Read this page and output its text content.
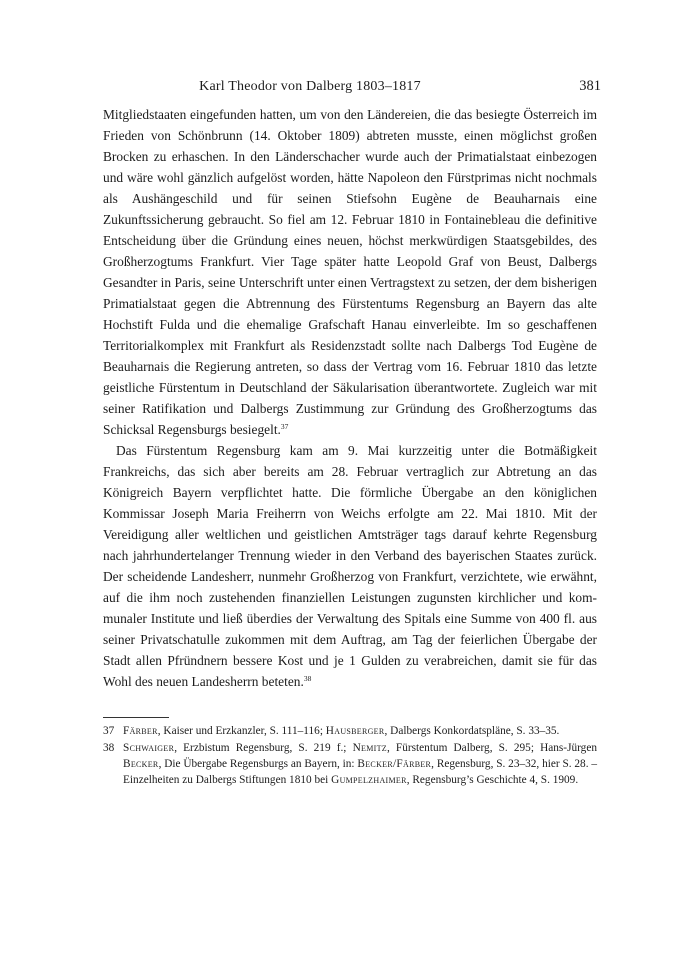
Karl Theodor von Dalberg 1803–1817	381

Mitgliedstaaten eingefunden hatten, um von den Ländereien, die das besiegte Österreich im Frieden von Schönbrunn (14. Oktober 1809) abtreten musste, einen möglichst großen Brocken zu erhaschen. In den Länderschacher wurde auch der Primatialstaat einbezogen und wäre wohl gänzlich aufgelöst worden, hätte Napoleon den Fürstprimas nicht nochmals als Aushängeschild und für seinen Stiefsohn Eugène de Beauharnais eine Zukunftssicherung gebraucht. So fiel am 12. Februar 1810 in Fontainebleau die definitive Entscheidung über die Gründung eines neuen, höchst merkwürdigen Staatsgebildes, des Großherzogtums Frankfurt. Vier Tage später hatte Leopold Graf von Beust, Dalbergs Gesandter in Paris, seine Unterschrift unter einen Vertragstext zu setzen, der dem bisherigen Primatialstaat gegen die Abtrennung des Fürstentums Regensburg an Bayern das alte Hochstift Fulda und die ehemalige Grafschaft Hanau einverleibte. Im so geschaffenen Territorialkomplex mit Frankfurt als Residenzstadt sollte nach Dalbergs Tod Eugène de Beauharnais die Regierung antreten, so dass der Vertrag vom 16. Februar 1810 das letzte geistliche Fürstentum in Deutschland der Säkularisation überantwortete. Zugleich war mit seiner Ratifikation und Dalbergs Zustimmung zur Gründung des Großherzogtums das Schicksal Regensburgs besiegelt.$^{37}$

Das Fürstentum Regensburg kam am 9. Mai kurzzeitig unter die Botmäßigkeit Frankreichs, das sich aber bereits am 28. Februar vertraglich zur Abtretung an das Königreich Bayern verpflichtet hatte. Die förmliche Übergabe an den königlichen Kommissar Joseph Maria Freiherrn von Weichs erfolgte am 22. Mai 1810. Mit der Vereidigung aller weltlichen und geistlichen Amtsträger tags darauf kehrte Regensburg nach jahrhundertelanger Trennung wieder in den Verband des bayerischen Staates zurück. Der scheidende Landesherr, nunmehr Großherzog von Frankfurt, verzichtete, wie erwähnt, auf die ihm noch zustehenden finanziellen Leistungen zugunsten kirchlicher und kommunaler Institute und ließ überdies der Verwaltung des Spitals eine Summe von 400 fl. aus seiner Privatschatulle zukommen mit dem Auftrag, am Tag der feierlichen Übergabe der Stadt allen Pfründnern bessere Kost und je 1 Gulden zu verabreichen, damit sie für das Wohl des neuen Landesherrn beteten.$^{38}$

37 Färber, Kaiser und Erzkanzler, S. 111–116; Hausberger, Dalbergs Konkordatspläne, S. 33–35.
38 Schwaiger, Erzbistum Regensburg, S. 219 f.; Nemitz, Fürstentum Dalberg, S. 295; Hans-Jürgen Becker, Die Übergabe Regensburgs an Bayern, in: Becker/Färber, Regensburg, S. 23–32, hier S. 28. – Einzelheiten zu Dalbergs Stiftungen 1810 bei Gumpelzhaimer, Regensburg’s Geschichte 4, S. 1909.
